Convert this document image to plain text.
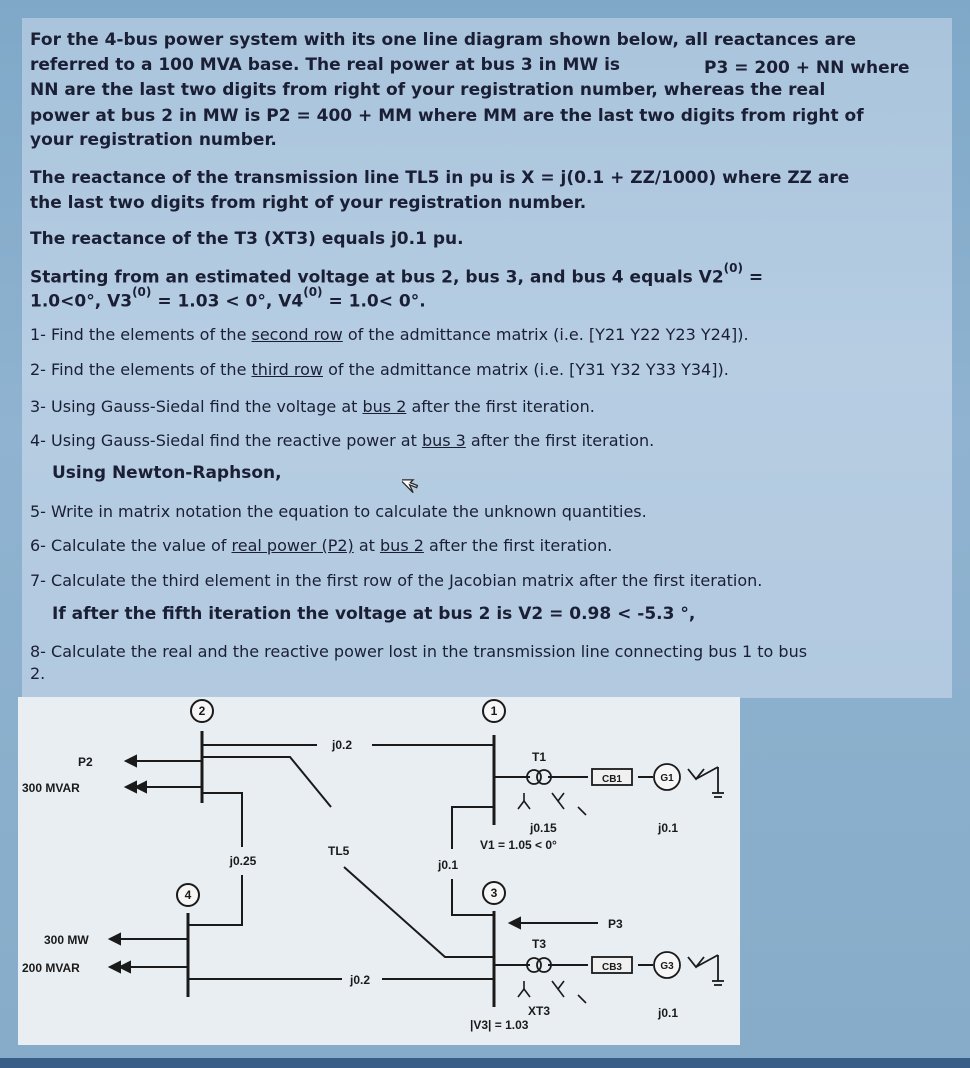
For the 4-bus power system with its one line diagram shown below, all reactances are
referred to a 100 MVA base. The real power at bus 3 in MW is	P3 = 200 + NN where
NN are the last two digits from right of your registration number, whereas the real
power at bus 2 in MW is P2 = 400 + MM where MM are the last two digits from right of
your registration number.
The reactance of the transmission line TL5 in pu is X = j(0.1 + ZZ/1000) where ZZ are
the last two digits from right of your registration number.
The reactance of the T3 (XT3) equals j0.1 pu.
Starting from an estimated voltage at bus 2, bus 3, and bus 4 equals $V2^{(0)}$ =
1.0<0°, $V3^{(0)} = 1.03 < 0^\circ$, $V4^{(0)} = 1.0< 0^\circ$.
1- Find the elements of the second row of the admittance matrix (i.e. [Y21 Y22 Y23 Y24]).
2- Find the elements of the third row of the admittance matrix (i.e. [Y31 Y32 Y33 Y34]).
3- Using Gauss-Siedal find the voltage at bus 2 after the first iteration.
4- Using Gauss-Siedal find the reactive power at bus 3 after the first iteration.
Using Newton-Raphson,
5- Write in matrix notation the equation to calculate the unknown quantities.
6- Calculate the value of real power (P2) at bus 2 after the first iteration.
7- Calculate the third element in the first row of the Jacobian matrix after the first iteration.
If after the fifth iteration the voltage at bus 2 is V2 = 0.98 < -5.3 °,
8- Calculate the real and the reactive power lost in the transmission line connecting bus 1 to bus
2.
2	1
4	3
P2
300 MVAR
300 MW
200 MVAR
P3
j0.2
j0.25
TL5
j0.1
j0.2
T1
CB1	G1
j0.15
V1 = 1.05 < 0°
j0.1
T3
CB3	G3
XT3
|V3| = 1.03
j0.1
